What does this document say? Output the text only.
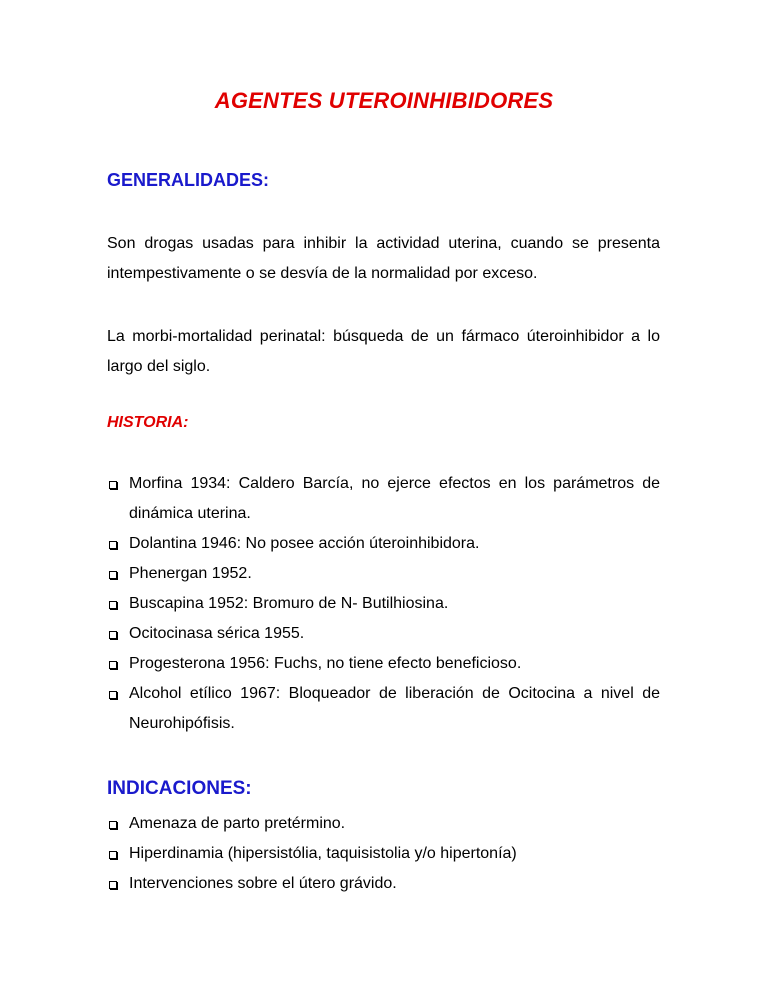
AGENTES UTEROINHIBIDORES
GENERALIDADES:
Son drogas usadas para inhibir la actividad uterina, cuando se presenta intempestivamente o se desvía de la normalidad por exceso.
La morbi-mortalidad perinatal: búsqueda de un fármaco úteroinhibidor a lo largo del siglo.
HISTORIA:
Morfina 1934: Caldero Barcía, no ejerce efectos en los parámetros de dinámica uterina.
Dolantina 1946: No posee acción úteroinhibidora.
Phenergan 1952.
Buscapina 1952: Bromuro de N- Butilhiosina.
Ocitocinasa sérica 1955.
Progesterona 1956: Fuchs, no tiene efecto beneficioso.
Alcohol etílico 1967: Bloqueador de liberación de Ocitocina a nivel de Neurohipófisis.
INDICACIONES:
Amenaza de parto pretérmino.
Hiperdinamia (hipersistólia, taquisistolia y/o hipertonía)
Intervenciones sobre el útero grávido.
